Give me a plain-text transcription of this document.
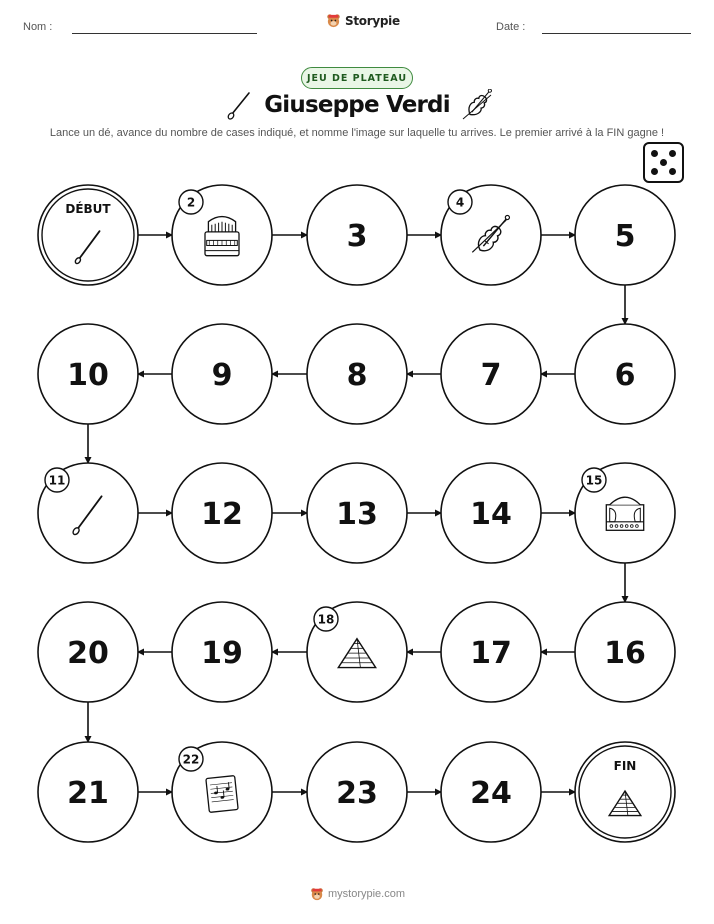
Nom :	Storypie	Date :
JEU DE PLATEAU
Giuseppe Verdi
Lance un dé, avance du nombre de cases indiqué, et nomme l'image sur laquelle tu arrives. Le premier arrivé à la FIN gagne !
DÉBUT	2
3
4
5
6
7
8
9
10
11
12	13	14
15
16
17
18
19
20
21
22
23	24
FIN
mystorypie.com
